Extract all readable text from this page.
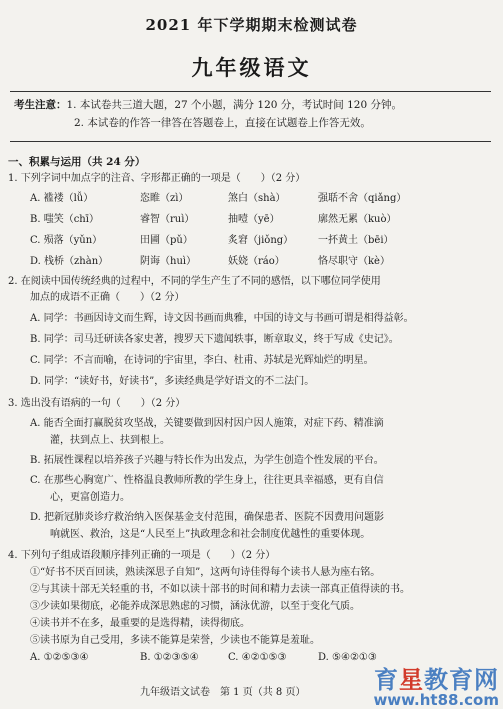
2021 年下学期期末检测试卷
九年级语文
考生注意：1. 本试卷共三道大题，27 个小题，满分 120 分，考试时间 120 分钟。
2. 本试卷的作答一律答在答题卷上，直接在试题卷上作答无效。
一、积累与运用（共 24 分）
1. 下列字词中加点字的注音、字形都正确的一项是（　　）（2 分）
A. 褴褛（lǚ）	恣睢（zì）	煞白（shà）	强聒不舍（qiǎng）
B. 嗤笑（chī）	睿智（ruì）	抽噎（yē）	廓然无累（kuò）
C. 殒落（yǔn）	田圃（pǔ）	炙窘（jiǒng） 一抔黄土（bēi）
D. 栈桥（zhàn）	阴诲（huì）	妖娆（ráo）	恪尽职守（kè）
2. 在阅读中国传统经典的过程中，不同的学生产生了不同的感悟，以下哪位同学使用
加点的成语不正确（　　）（2 分）
A. 同学：书画因诗文而生辉，诗文因书画而典雅，中国的诗文与书画可谓是相得益彰。
B. 同学：司马迁研读各家史著，搜罗天下遗闻轶事，断章取义，终于写成《史记》。
C. 同学：不言而喻，在诗词的宇宙里，李白、杜甫、苏轼是光辉灿烂的明星。
D. 同学：“读好书，好读书”，多读经典是学好语文的不二法门。
3. 选出没有语病的一句（　　）（2 分）
A. 能否全面打赢脱贫攻坚战，关键要做到因村因户因人施策，对症下药、精准滴
灌，扶到点上、扶到根上。
B. 拓展性课程以培养孩子兴趣与特长作为出发点，为学生创造个性发展的平台。
C. 在那些心胸宽广、性格温良教师所教的学生身上，往往更具幸福感，更有自信
心，更富创造力。
D. 把新冠肺炎诊疗救治纳入医保基金支付范围，确保患者、医院不因费用问题影
响就医、救治，这是“人民至上”执政理念和社会制度优越性的重要体现。
4. 下列句子组成语段顺序排列正确的一项是（　　）（2 分）
①“好书不厌百回读，熟读深思子自知”，这两句诗佳得每个读书人悬为座右铭。
②与其读十部无关轻重的书，不如以读十部书的时间和精力去读一部真正值得读的书。
③少读如果彻底，必能养成深思熟虑的习惯，涵泳优游，以至于变化气质。
④读书并不在多，最重要的是选得精，读得彻底。
⑤读书原为自己受用，多读不能算是荣誉，少读也不能算是羞耻。
A. ①②⑤③④	B. ①②③⑤④	C. ④②①⑤③	D. ⑤④②①③
九年级语文试卷　第 1 页（共 8 页）	育星教育网
www.ht88.com
